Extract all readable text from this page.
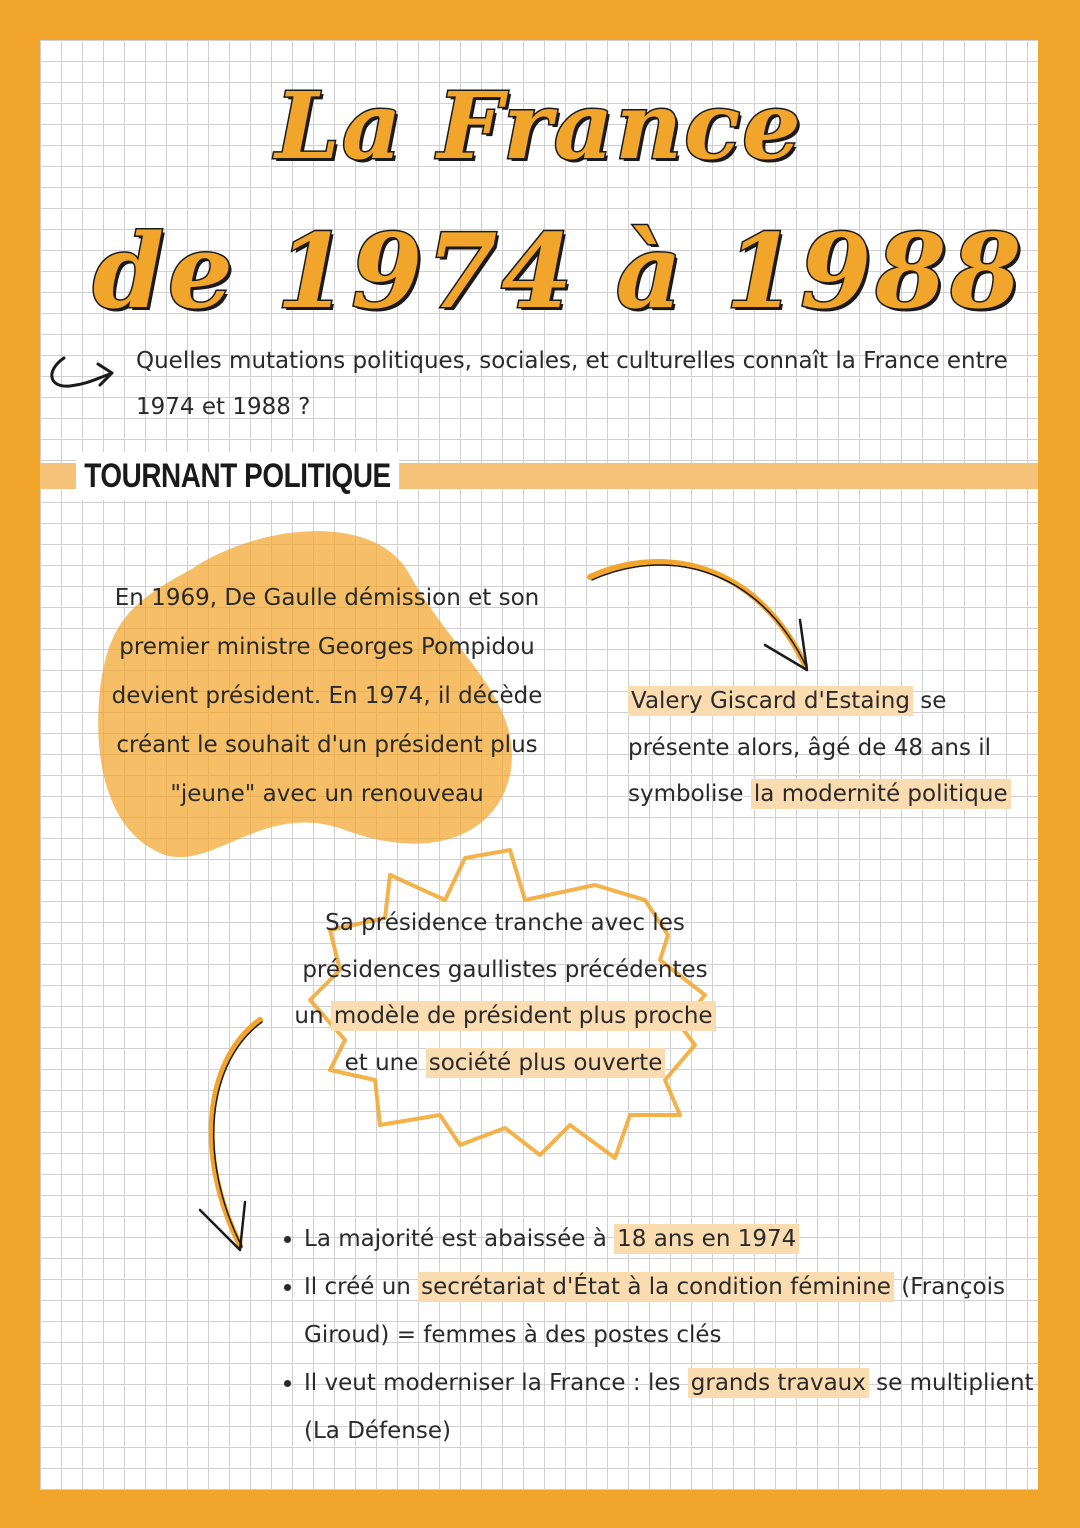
La France
de 1974 à 1988
Quelles mutations politiques, sociales, et culturelles connaît la France entre 1974 et 1988 ?
TOURNANT POLITIQUE
En 1969, De Gaulle démission et son premier ministre Georges Pompidou devient président. En 1974, il décède créant le souhait d'un président plus "jeune" avec un renouveau
Valery Giscard d'Estaing se présente alors, âgé de 48 ans il symbolise la modernité politique
Sa présidence tranche avec les présidences gaullistes précédentes un modèle de président plus proche et une société plus ouverte
• La majorité est abaissée à 18 ans en 1974
• Il créé un secrétariat d'État à la condition féminine (François Giroud) = femmes à des postes clés
• Il veut moderniser la France : les grands travaux se multiplient (La Défense)
